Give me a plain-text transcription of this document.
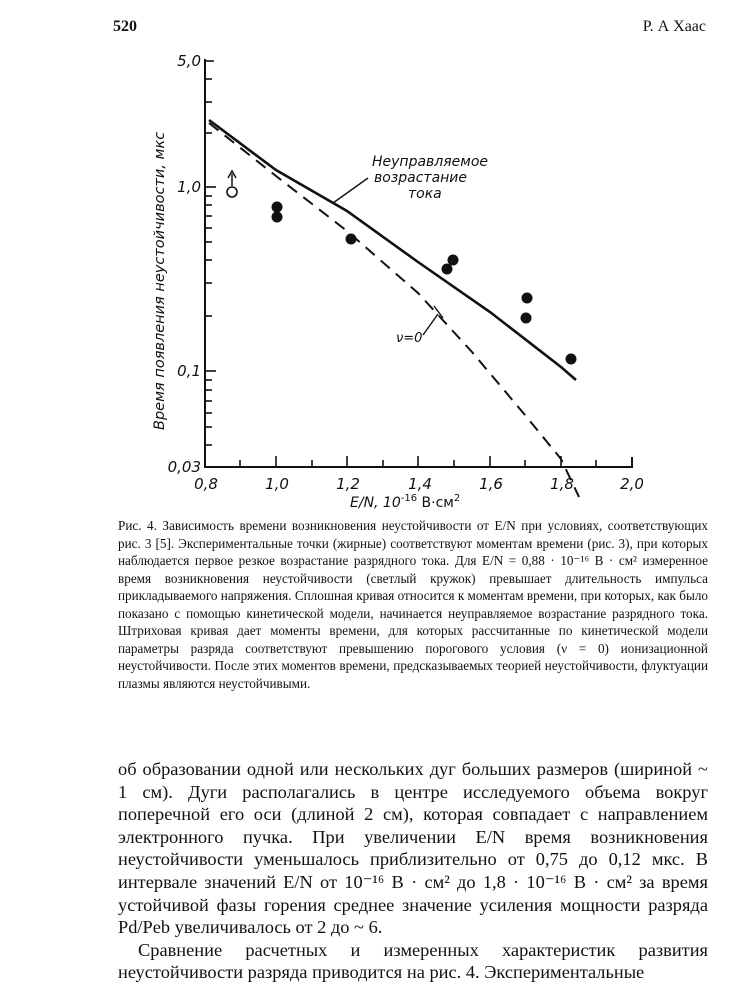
520	Р. А Хаас
5,0
1,0
0,1
0,03
0,8	1,0	1,2	1,4	1,6	1,8	2,0
E/N, $10^{-16}$ $В\cdot см^2$
Время появления неустойчивости, мкс	Неуправляемое
возрастание
тока
ν=0

Рис. 4. Зависимость времени возникновения неустойчивости от E/N при условиях, соответствующих рис. 3 [5]. Экспериментальные точки (жирные) соответствуют моментам времени (рис. 3), при которых наблюдается первое резкое возрастание разрядного тока. Для E/N = 0,88 · 10⁻¹⁶ В · см² измеренное время возникновения неустойчивости (светлый кружок) превышает длительность импульса прикладываемого напряжения. Сплошная кривая относится к моментам времени, при которых, как было показано с помощью кинетической модели, начинается неуправляемое возрастание разрядного тока. Штриховая кривая дает моменты времени, для которых рассчитанные по кинетической модели параметры разряда соответствуют превышению порогового условия (ν = 0) ионизационной неустойчивости. После этих моментов времени, предсказываемых теорией неустойчивости, флуктуации плазмы являются неустойчивыми.

об образовании одной или нескольких дуг больших размеров (шириной ~ 1 см). Дуги располагались в центре исследуемого объема вокруг поперечной его оси (длиной 2 см), которая совпадает с направлением электронного пучка. При увеличении E/N время возникновения неустойчивости уменьшалось приблизительно от 0,75 до 0,12 мкс. В интервале значений E/N от 10⁻¹⁶ В · см² до 1,8 · 10⁻¹⁶ В · см² за время устойчивой фазы горения среднее значение усиления мощности разряда Pd/Peb увеличивалось от 2 до ~ 6.

Сравнение расчетных и измеренных характеристик развития неустойчивости разряда приводится на рис. 4. Экспериментальные
